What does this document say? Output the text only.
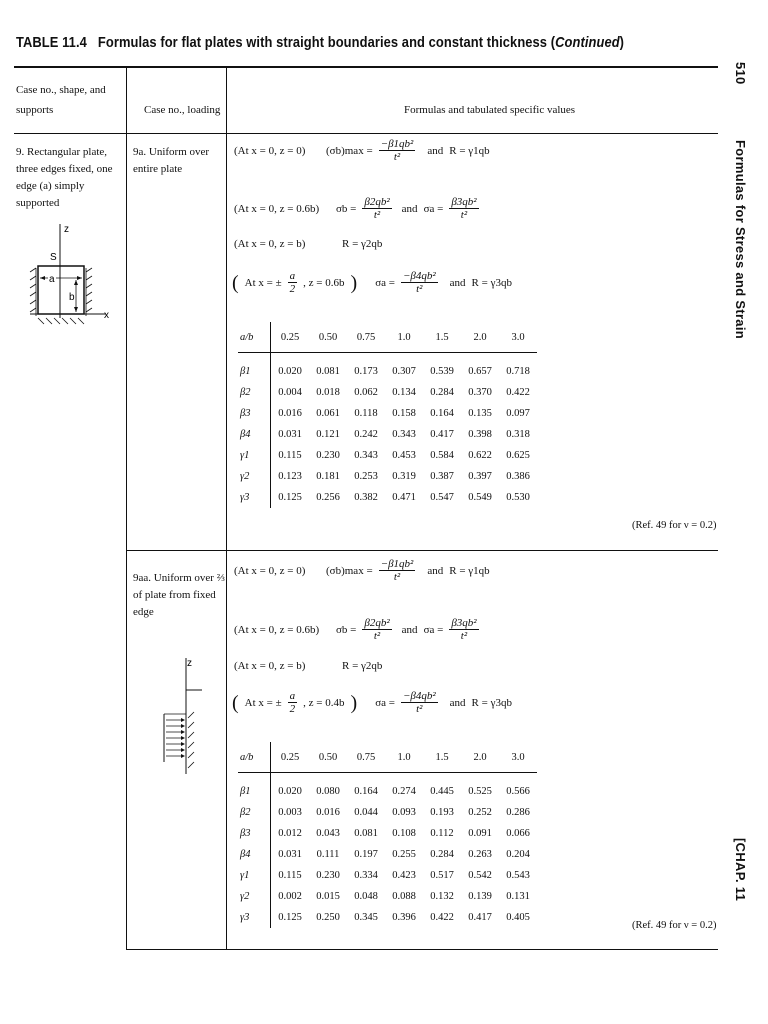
TABLE 11.4 Formulas for flat plates with straight boundaries and constant thickness (Continued)
510
Formulas for Stress and Strain
[CHAP. 11
Case no., shape, and supports	Case no., loading	Formulas and tabulated specific values
9. Rectangular plate, three edges fixed, one edge (a) simply supported
z
x
a
b
S
9a. Uniform over entire plate
(At x = 0, z = 0)	$(\sigma b)\max = \frac{\text{−β1qb²}}{\text{t²}}$ and R = γ1qb
(At x = 0, z = 0.6b)	$\sigma b = \frac{\text{β2qb²}}{\text{t²}}$ and $\sigma a = \frac{\text{β3qb²}}{\text{t²}}$
(At x = 0, z = b)	R = γ2qb
( At x = ± $\frac{a}{2}$ , z = 0.6b ) $\sigma a = \frac{\text{−β4qb²}}{\text{t²}}$ and R = γ3qb
a/b	0.25	0.50	0.75	1.0	1.5	2.0	3.0
β1	0.020	0.081	0.173	0.307	0.539	0.657	0.718
β2	0.004	0.018	0.062	0.134	0.284	0.370	0.422
β3	0.016	0.061	0.118	0.158	0.164	0.135	0.097
β4	0.031	0.121	0.242	0.343	0.417	0.398	0.318
γ1	0.115	0.230	0.343	0.453	0.584	0.622	0.625
γ2	0.123	0.181	0.253	0.319	0.387	0.397	0.386
γ3	0.125	0.256	0.382	0.471	0.547	0.549	0.530
(Ref. 49 for ν = 0.2)
9aa. Uniform over ⅔ of plate from fixed edge
z
(At x = 0, z = 0)	$(\sigma b)\max = \frac{\text{−β1qb²}}{\text{t²}}$ and R = γ1qb
(At x = 0, z = 0.6b)	$\sigma b = \frac{\text{β2qb²}}{\text{t²}}$ and $\sigma a = \frac{\text{β3qb²}}{\text{t²}}$
(At x = 0, z = b)	R = γ2qb
( At x = ± $\frac{a}{2}$ , z = 0.4b ) $\sigma a = \frac{\text{−β4qb²}}{\text{t²}}$ and R = γ3qb
a/b	0.25	0.50	0.75	1.0	1.5	2.0	3.0
β1	0.020	0.080	0.164	0.274	0.445	0.525	0.566
β2	0.003	0.016	0.044	0.093	0.193	0.252	0.286
β3	0.012	0.043	0.081	0.108	0.112	0.091	0.066
β4	0.031	0.111	0.197	0.255	0.284	0.263	0.204
γ1	0.115	0.230	0.334	0.423	0.517	0.542	0.543
γ2	0.002	0.015	0.048	0.088	0.132	0.139	0.131
γ3	0.125	0.250	0.345	0.396	0.422	0.417	0.405
(Ref. 49 for ν = 0.2)
